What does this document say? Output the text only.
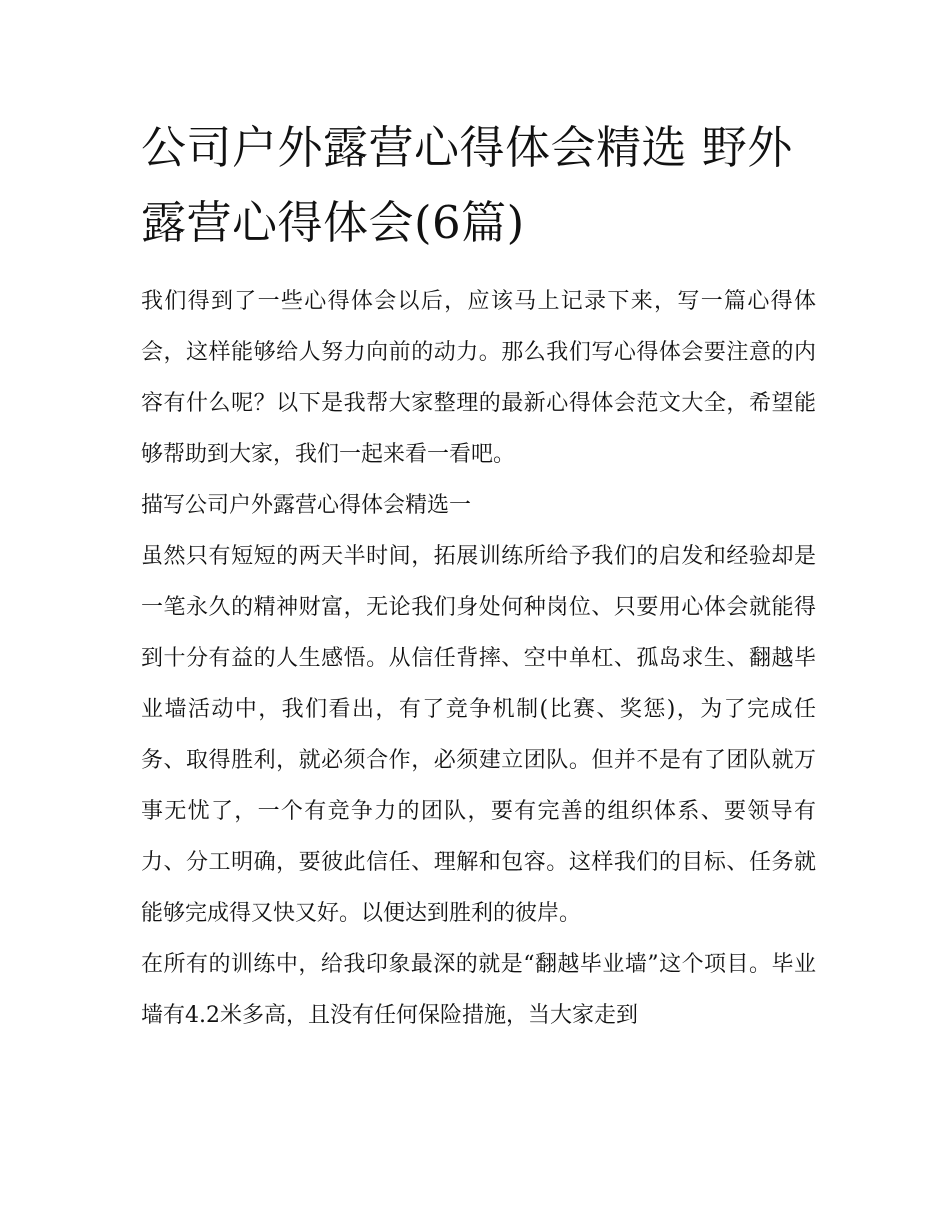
公司户外露营心得体会精选 野外露营心得体会(6篇)

我们得到了一些心得体会以后，应该马上记录下来，写一篇心得体会，这样能够给人努力向前的动力。那么我们写心得体会要注意的内容有什么呢？以下是我帮大家整理的最新心得体会范文大全，希望能够帮助到大家，我们一起来看一看吧。

描写公司户外露营心得体会精选一

虽然只有短短的两天半时间，拓展训练所给予我们的启发和经验却是一笔永久的精神财富，无论我们身处何种岗位、只要用心体会就能得到十分有益的人生感悟。从信任背摔、空中单杠、孤岛求生、翻越毕业墙活动中，我们看出，有了竞争机制(比赛、奖惩)，为了完成任务、取得胜利，就必须合作，必须建立团队。但并不是有了团队就万事无忧了，一个有竞争力的团队，要有完善的组织体系、要领导有力、分工明确，要彼此信任、理解和包容。这样我们的目标、任务就能够完成得又快又好。以便达到胜利的彼岸。

在所有的训练中，给我印象最深的就是“翻越毕业墙”这个项目。毕业墙有4.2米多高，且没有任何保险措施，当大家走到
